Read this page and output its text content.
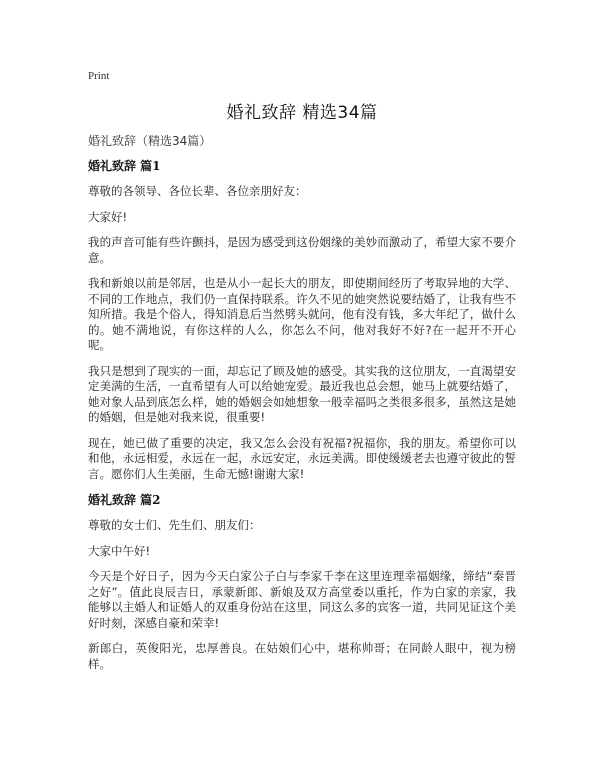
Print
婚礼致辞 精选34篇
婚礼致辞（精选34篇）
婚礼致辞 篇1

尊敬的各领导、各位长辈、各位亲朋好友：

大家好!

我的声音可能有些许颤抖，是因为感受到这份姻缘的美妙而激动了，希望大家不要介意。

我和新娘以前是邻居，也是从小一起长大的朋友，即使期间经历了考取异地的大学、不同的工作地点，我们仍一直保持联系。许久不见的她突然说要结婚了，让我有些不知所措。我是个俗人，得知消息后当然劈头就问，他有没有钱，多大年纪了，做什么的。她不满地说，有你这样的人么，你怎么不问，他对我好不好?在一起开不开心呢。

我只是想到了现实的一面，却忘记了顾及她的感受。其实我的这位朋友，一直渴望安定美满的生活，一直希望有人可以给她宠爱。最近我也总会想，她马上就要结婚了，她对象人品到底怎么样，她的婚姻会如她想象一般幸福吗之类很多很多，虽然这是她的婚姻，但是她对我来说，很重要!

现在，她已做了重要的决定，我又怎么会没有祝福?祝福你，我的朋友。希望你可以和他，永远相爱，永远在一起，永远安定，永远美满。即使缓缓老去也遵守彼此的誓言。愿你们人生美丽，生命无憾!谢谢大家!

婚礼致辞 篇2

尊敬的女士们、先生们、朋友们：

大家中午好!

今天是个好日子，因为今天白家公子白与李家千李在这里连理幸福姻缘，缔结“秦晋之好”。值此良辰吉日，承蒙新郎、新娘及双方高堂委以重托，作为白家的亲家，我能够以主婚人和证婚人的双重身份站在这里，同这么多的宾客一道，共同见证这个美好时刻，深感自豪和荣幸!

新郎白，英俊阳光，忠厚善良。在姑娘们心中，堪称帅哥；在同龄人眼中，视为榜样。
